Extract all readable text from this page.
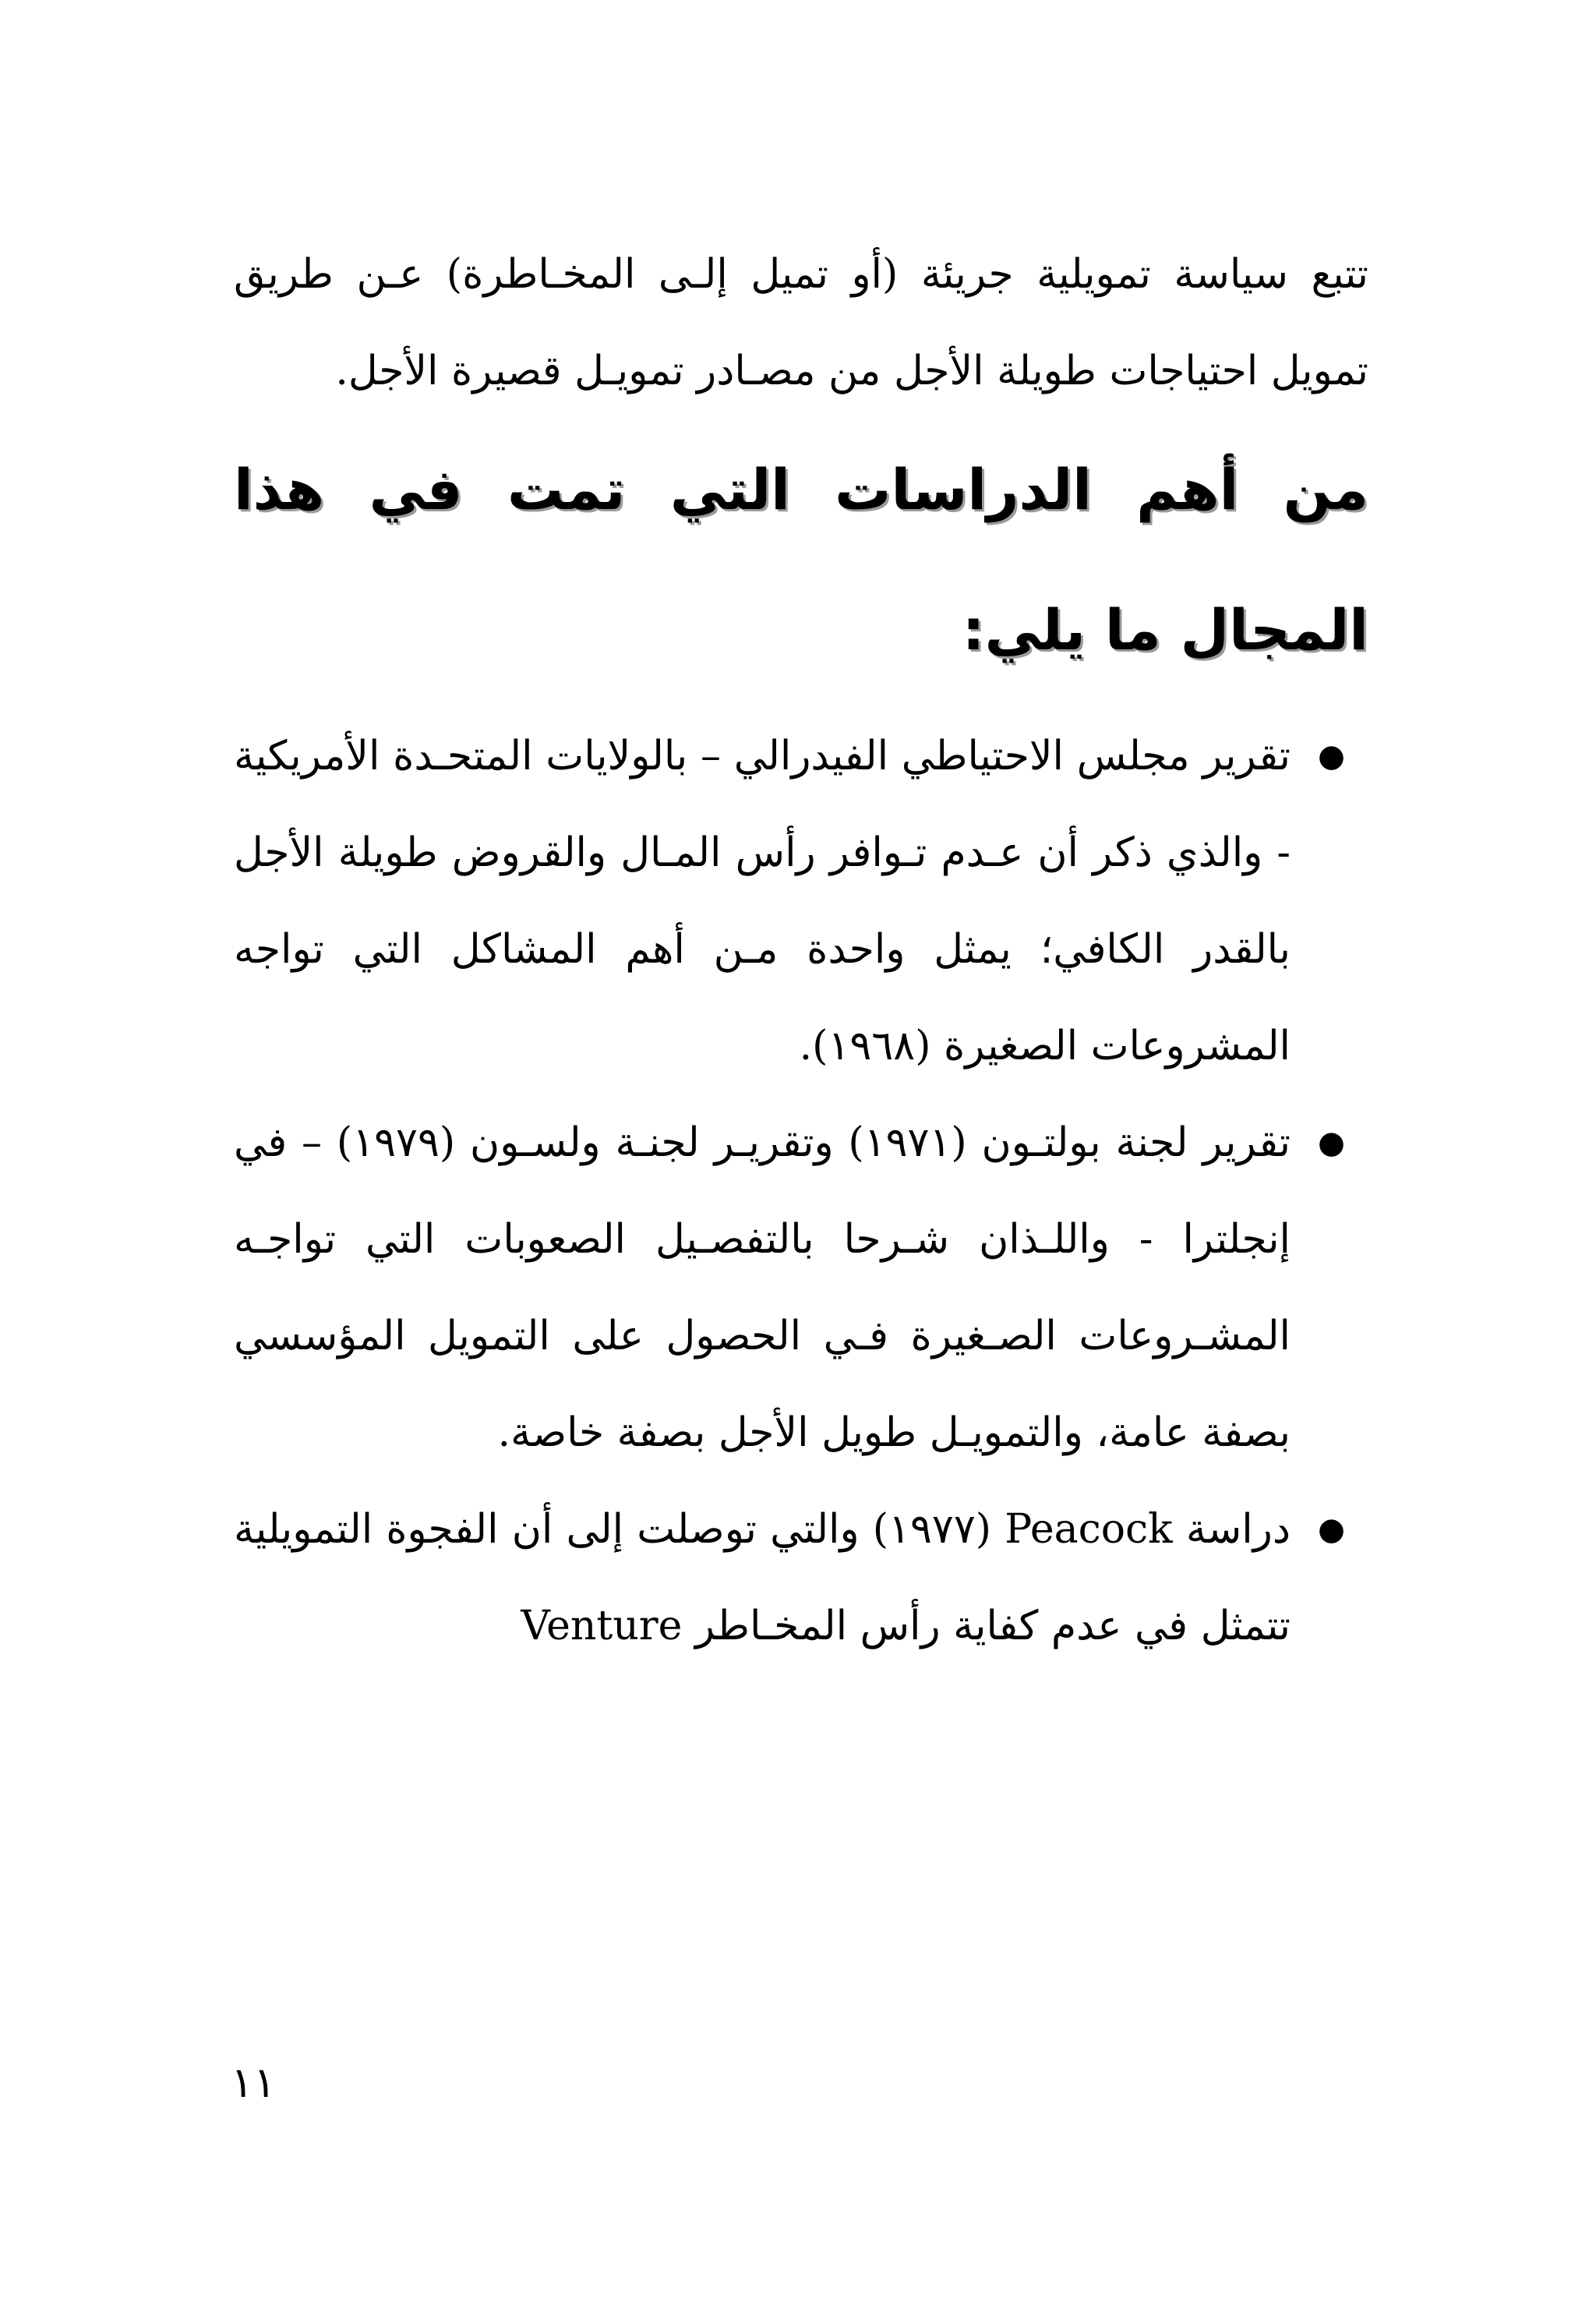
تتبع سياسة تمويلية جريئة (أو تميل إلـى المخـاطرة) عـن طريق تمويل احتياجات طويلة الأجل من مصـادر تمويـل قصيرة الأجل.

من أهم الدراسات التي تمت في هذا المجال ما يلي:
●
تقرير مجلس الاحتياطي الفيدرالي – بالولايات المتحـدة الأمريكية - والذي ذكر أن عـدم تـوافر رأس المـال والقروض طويلة الأجل بالقدر الكافي؛ يمثل واحدة مـن أهم المشاكل التي تواجه المشروعات الصغيرة (١٩٦٨).
●
تقرير لجنة بولتـون (١٩٧١) وتقريـر لجنـة ولسـون (١٩٧٩) – في إنجلترا - واللـذان شـرحا بالتفصـيل الصعوبات التي تواجـه المشـروعات الصـغيرة فـي الحصول على التمويل المؤسسي بصفة عامة، والتمويـل طويل الأجل بصفة خاصة.
●
دراسة Peacock (١٩٧٧) والتي توصلت إلى أن الفجوة التمويلية تتمثل في عدم كفاية رأس المخـاطر Venture
١١
